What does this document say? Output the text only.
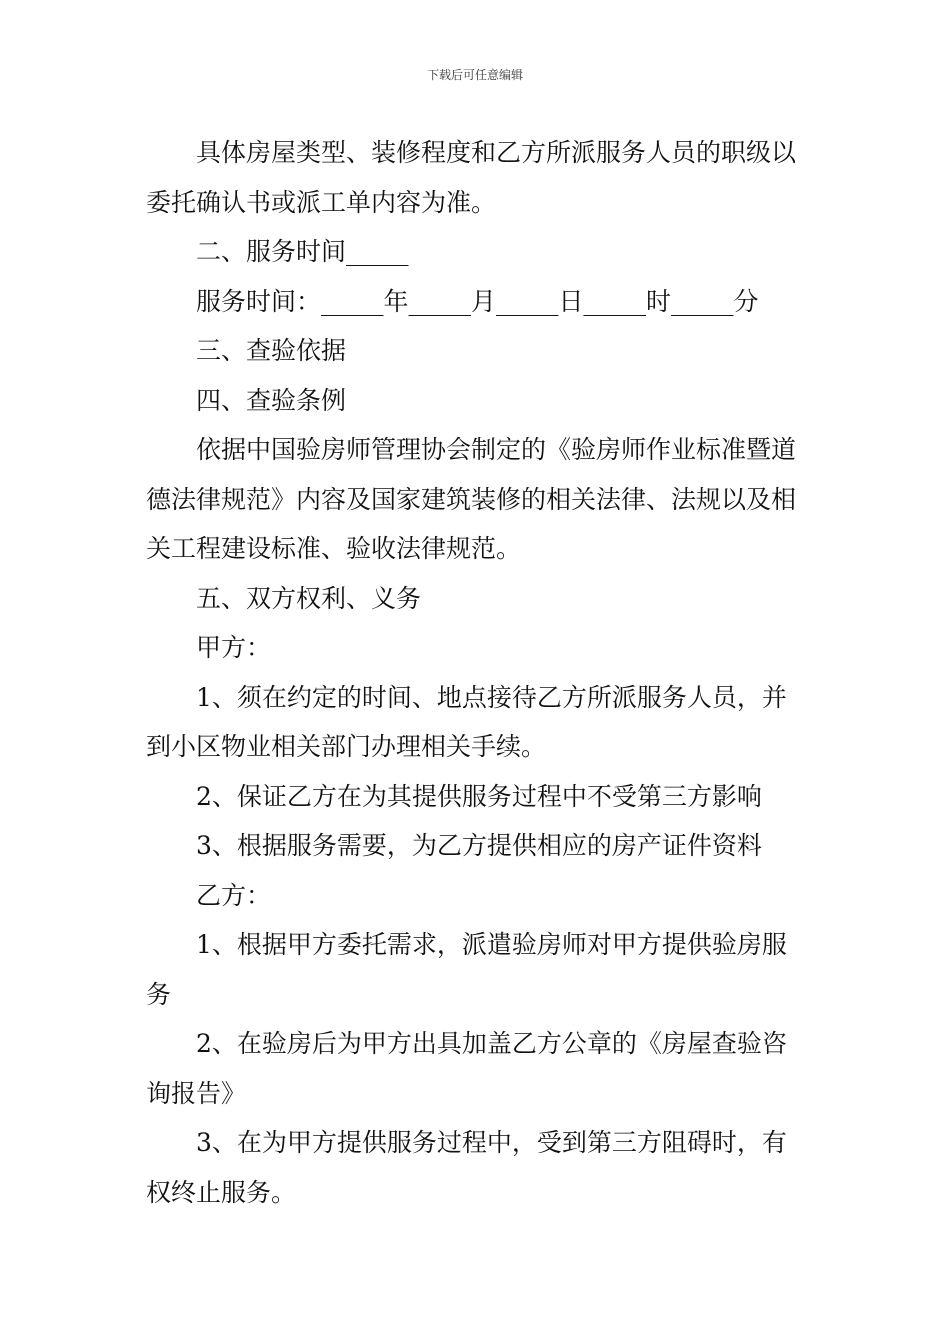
下载后可任意编辑

具体房屋类型、装修程度和乙方所派服务人员的职级以委托确认书或派工单内容为准。

二、服务时间_____

服务时间：_____年_____月_____日_____时_____分

三、查验依据

四、查验条例

依据中国验房师管理协会制定的《验房师作业标准暨道德法律规范》内容及国家建筑装修的相关法律、法规以及相关工程建设标准、验收法律规范。

五、双方权利、义务

甲方：

1、须在约定的时间、地点接待乙方所派服务人员，并到小区物业相关部门办理相关手续。

2、保证乙方在为其提供服务过程中不受第三方影响

3、根据服务需要，为乙方提供相应的房产证件资料

乙方：

1、根据甲方委托需求，派遣验房师对甲方提供验房服务

2、在验房后为甲方出具加盖乙方公章的《房屋查验咨询报告》

3、在为甲方提供服务过程中，受到第三方阻碍时，有权终止服务。
